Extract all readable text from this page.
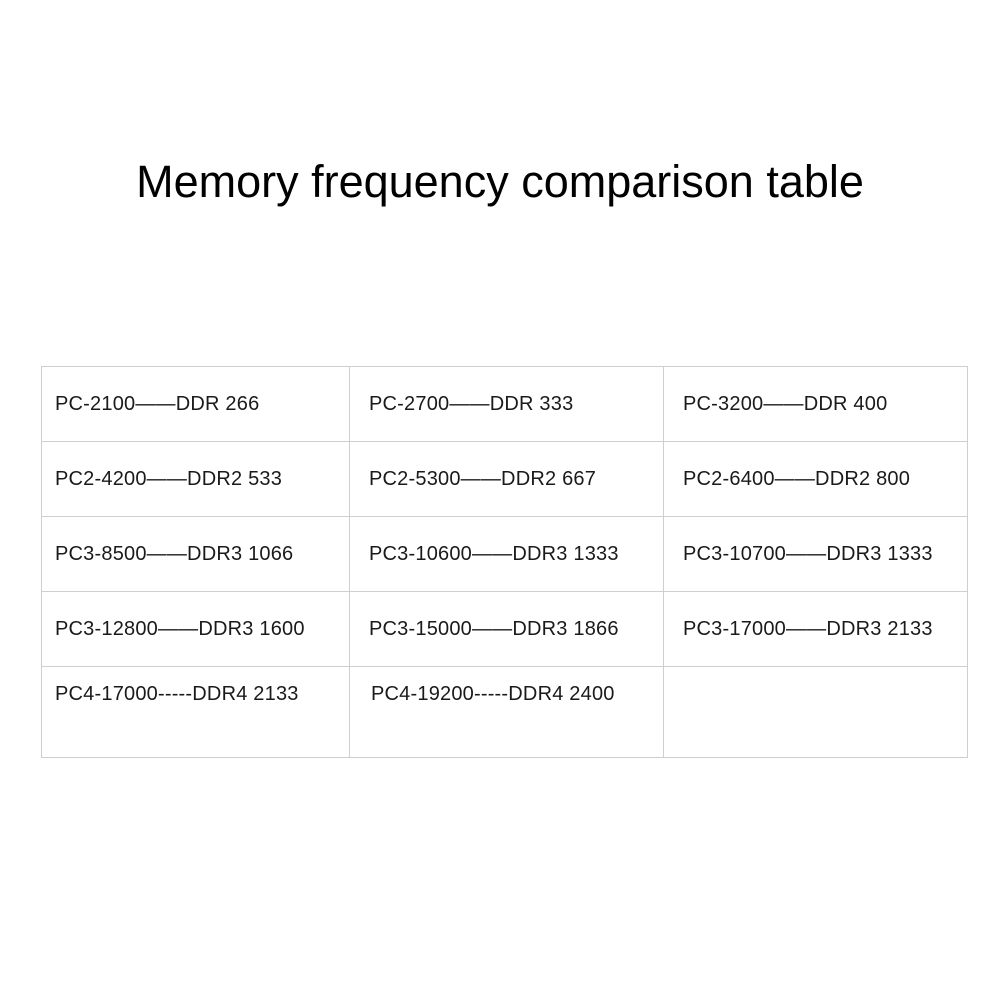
Memory frequency comparison table
PC-2100——DDR 266	PC-2700——DDR 333	PC-3200——DDR 400
PC2-4200——DDR2 533	PC2-5300——DDR2 667	PC2-6400——DDR2 800
PC3-8500——DDR3 1066	PC3-10600——DDR3 1333	PC3-10700——DDR3 1333
PC3-12800——DDR3 1600	PC3-15000——DDR3 1866	PC3-17000——DDR3 2133
PC4-17000-----DDR4 2133	PC4-19200-----DDR4 2400	
